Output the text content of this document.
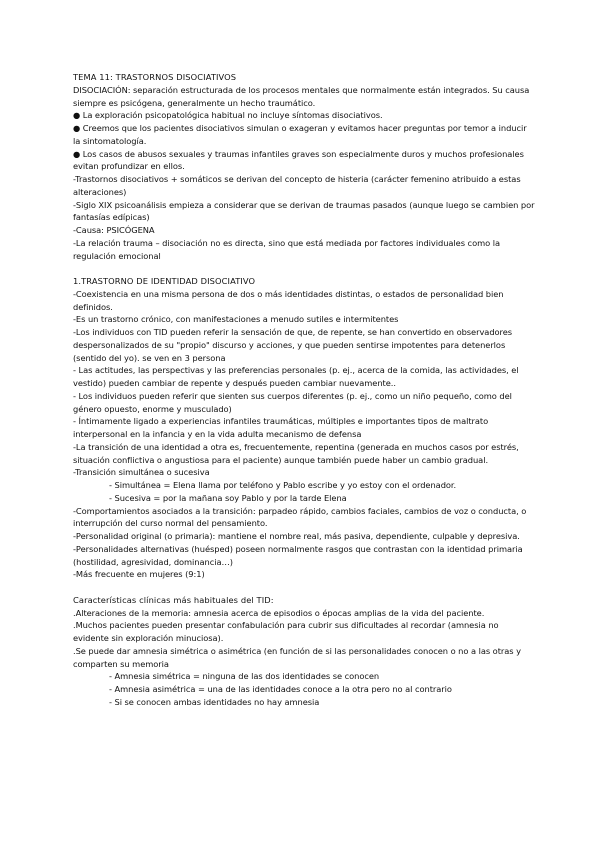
TEMA 11: TRASTORNOS DISOCIATIVOS

DISOCIACIÓN: separación estructurada de los procesos mentales que normalmente están integrados. Su causa siempre es psicógena, generalmente un hecho traumático.

● La exploración psicopatológica habitual no incluye síntomas disociativos.

● Creemos que los pacientes disociativos simulan o exageran y evitamos hacer preguntas por temor a inducir la sintomatología.

● Los casos de abusos sexuales y traumas infantiles graves son especialmente duros y muchos profesionales evitan profundizar en ellos.

-Trastornos disociativos + somáticos se derivan del concepto de histeria (carácter femenino atribuido a estas alteraciones)

-Siglo XIX psicoanálisis empieza a considerar que se derivan de traumas pasados (aunque luego se cambien por fantasías edípicas)

-Causa: PSICÓGENA

-La relación trauma – disociación no es directa, sino que está mediada por factores individuales como la regulación emocional

1.TRASTORNO DE IDENTIDAD DISOCIATIVO

-Coexistencia en una misma persona de dos o más identidades distintas, o estados de personalidad bien definidos.

-Es un trastorno crónico, con manifestaciones a menudo sutiles e intermitentes

-Los individuos con TID pueden referir la sensación de que, de repente, se han convertido en observadores despersonalizados de su "propio" discurso y acciones, y que pueden sentirse impotentes para detenerlos (sentido del yo). se ven en 3 persona

- Las actitudes, las perspectivas y las preferencias personales (p. ej., acerca de la comida, las actividades, el vestido) pueden cambiar de repente y después pueden cambiar nuevamente..

- Los individuos pueden referir que sienten sus cuerpos diferentes (p. ej., como un niño pequeño, como del género opuesto, enorme y musculado)

- Íntimamente ligado a experiencias infantiles traumáticas, múltiples e importantes tipos de maltrato interpersonal en la infancia y en la vida adulta mecanismo de defensa

-La transición de una identidad a otra es, frecuentemente, repentina (generada en muchos casos por estrés, situación conflictiva o angustiosa para el paciente) aunque también puede haber un cambio gradual.

-Transición simultánea o sucesiva

- Simultánea = Elena llama por teléfono y Pablo escribe y yo estoy con el ordenador.

- Sucesiva = por la mañana soy Pablo y por la tarde Elena

-Comportamientos asociados a la transición: parpadeo rápido, cambios faciales, cambios de voz o conducta, o interrupción del curso normal del pensamiento.

-Personalidad original (o primaria): mantiene el nombre real, más pasiva, dependiente, culpable y depresiva.

-Personalidades alternativas (huésped) poseen normalmente rasgos que contrastan con la identidad primaria (hostilidad, agresividad, dominancia…)

-Más frecuente en mujeres (9:1)

Características clínicas más habituales del TID:

.Alteraciones de la memoria: amnesia acerca de episodios o épocas amplias de la vida del paciente.

.Muchos pacientes pueden presentar confabulación para cubrir sus dificultades al recordar (amnesia no evidente sin exploración minuciosa).

.Se puede dar amnesia simétrica o asimétrica (en función de si las personalidades conocen o no a las otras y comparten su memoria

- Amnesia simétrica = ninguna de las dos identidades se conocen

- Amnesia asimétrica = una de las identidades conoce a la otra pero no al contrario

- Si se conocen ambas identidades no hay amnesia
